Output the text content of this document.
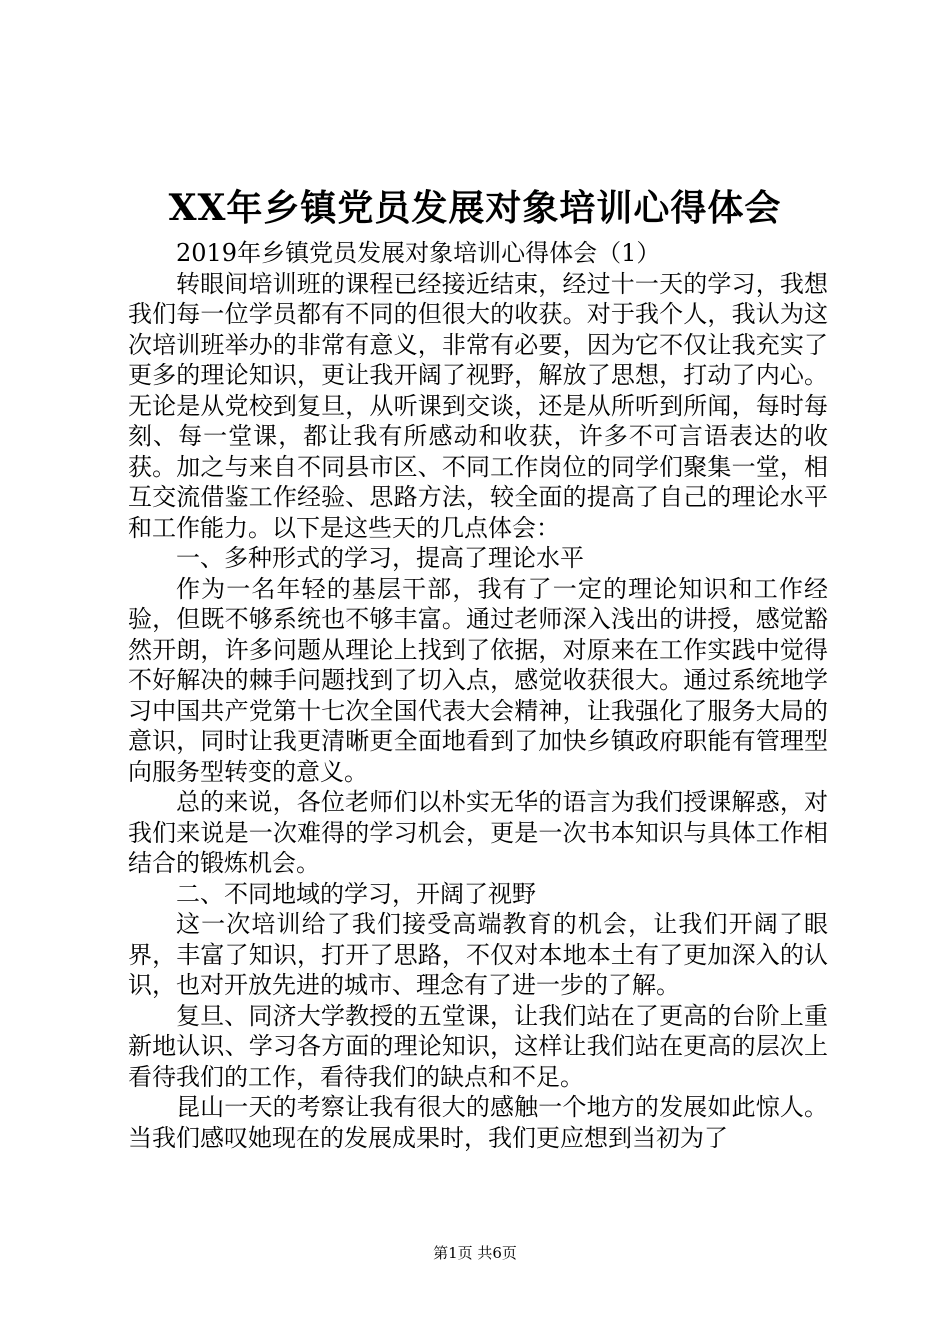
XX年乡镇党员发展对象培训心得体会

2019年乡镇党员发展对象培训心得体会（1）

转眼间培训班的课程已经接近结束，经过十一天的学习，我想我们每一位学员都有不同的但很大的收获。对于我个人，我认为这次培训班举办的非常有意义，非常有必要，因为它不仅让我充实了更多的理论知识，更让我开阔了视野，解放了思想，打动了内心。无论是从党校到复旦，从听课到交谈，还是从所听到所闻，每时每刻、每一堂课，都让我有所感动和收获，许多不可言语表达的收获。加之与来自不同县市区、不同工作岗位的同学们聚集一堂，相互交流借鉴工作经验、思路方法，较全面的提高了自己的理论水平和工作能力。以下是这些天的几点体会：

一、多种形式的学习，提高了理论水平

作为一名年轻的基层干部，我有了一定的理论知识和工作经验，但既不够系统也不够丰富。通过老师深入浅出的讲授，感觉豁然开朗，许多问题从理论上找到了依据，对原来在工作实践中觉得不好解决的棘手问题找到了切入点，感觉收获很大。通过系统地学习中国共产党第十七次全国代表大会精神，让我强化了服务大局的意识，同时让我更清晰更全面地看到了加快乡镇政府职能有管理型向服务型转变的意义。

总的来说，各位老师们以朴实无华的语言为我们授课解惑，对我们来说是一次难得的学习机会，更是一次书本知识与具体工作相结合的锻炼机会。

二、不同地域的学习，开阔了视野

这一次培训给了我们接受高端教育的机会，让我们开阔了眼界，丰富了知识，打开了思路，不仅对本地本土有了更加深入的认识，也对开放先进的城市、理念有了进一步的了解。

复旦、同济大学教授的五堂课，让我们站在了更高的台阶上重新地认识、学习各方面的理论知识，这样让我们站在更高的层次上看待我们的工作，看待我们的缺点和不足。

昆山一天的考察让我有很大的感触一个地方的发展如此惊人。当我们感叹她现在的发展成果时，我们更应想到当初为了

第1页 共6页
